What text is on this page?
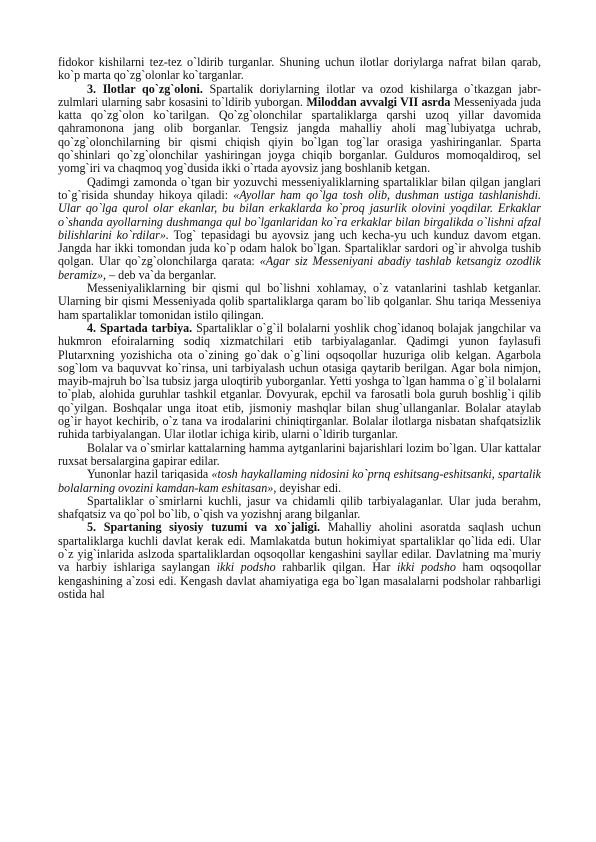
fidokor kishilarni tez-tez o`ldirib turganlar. Shuning uchun ilotlar doriylarga nafrat bilan qarab, ko`p marta qo`zg`olonlar ko`targanlar.

3. Ilotlar qo`zg`oloni. Spartalik doriylarning ilotlar va ozod kishilarga o`tkazgan jabr-zulmlari ularning sabr kosasini to`ldirib yuborgan. Miloddan avvalgi VII asrda Messeniyada juda katta qo`zg`olon ko`tarilgan. Qo`zg`olonchilar spartaliklarga qarshi uzoq yillar davomida qahramonona jang olib borganlar. Tengsiz jangda mahalliy aholi mag`lubiyatga uchrab, qo`zg`olonchilarning bir qismi chiqish qiyin bo`lgan tog`lar orasiga yashiringanlar. Sparta qo`shinlari qo`zg`olonchilar yashiringan joyga chiqib borganlar. Gulduros momoqaldiroq, sel yomg`iri va chaqmoq yog`dusida ikki o`rtada ayovsiz jang boshlanib ketgan.

Qadimgi zamonda o`tgan bir yozuvchi messeniyaliklarning spartaliklar bilan qilgan janglari to`g`risida shunday hikoya qiladi: «Ayollar ham qo`lga tosh olib, dushman ustiga tashlanishdi. Ular qo`lga qurol olar ekanlar, bu bilan erkaklarda ko`proq jasurlik olovini yoqdilar. Erkaklar o`shanda ayollarning dushmanga qul bo`lganlaridan ko`ra erkaklar bilan birgalikda o`lishni afzal bilishlarini ko`rdilar». Tog` tepasidagi bu ayovsiz jang uch kecha-yu uch kunduz davom etgan. Jangda har ikki tomondan juda ko`p odam halok bo`lgan. Spartaliklar sardori og`ir ahvolga tushib qolgan. Ular qo`zg`olonchilarga qarata: «Agar siz Messeniyani abadiy tashlab ketsangiz ozodlik beramiz», – deb va`da berganlar.

Messeniyaliklarning bir qismi qul bo`lishni xohlamay, o`z vatanlarini tashlab ketganlar. Ularning bir qismi Messeniyada qolib spartaliklarga qaram bo`lib qolganlar. Shu tariqa Messeniya ham spartaliklar tomonidan istilo qilingan.

4. Spartada tarbiya. Spartaliklar o`g`il bolalarni yoshlik chog`idanoq bolajak jangchilar va hukmron efoiralarning sodiq xizmatchilari etib tarbiyalaganlar. Qadimgi yunon faylasufi Plutarxning yozishicha ota o`zining go`dak o`g`lini oqsoqollar huzuriga olib kelgan. Agarbola sog`lom va baquvvat ko`rinsa, uni tarbiyalash uchun otasiga qaytarib berilgan. Agar bola nimjon, mayib-majruh bo`lsa tubsiz jarga uloqtirib yuborganlar. Yetti yoshga to`lgan hamma o`g`il bolalarni to`plab, alohida guruhlar tashkil etganlar. Dovyurak, epchil va farosatli bola guruh boshlig`i qilib qo`yilgan. Boshqalar unga itoat etib, jismoniy mashqlar bilan shug`ullanganlar. Bolalar ataylab og`ir hayot kechirib, o`z tana va irodalarini chiniqtirganlar. Bolalar ilotlarga nisbatan shafqatsizlik ruhida tarbiyalangan. Ular ilotlar ichiga kirib, ularni o`ldirib turganlar.

Bolalar va o`smirlar kattalarning hamma aytganlarini bajarishlari lozim bo`lgan. Ular kattalar ruxsat bersalargina gapirar edilar.

Yunonlar hazil tariqasida «tosh haykallaming nidosini ko`prnq eshitsang-eshitsanki, spartalik bolalarning ovozini kamdan-kam eshitasan», deyishar edi.

Spartaliklar o`smirlarni kuchli, jasur va chidamli qilib tarbiyalaganlar. Ular juda berahm, shafqatsiz va qo`pol bo`lib, o`qish va yozishnj arang bilganlar.

5. Spartaning siyosiy tuzumi va xo`jaligi. Mahalliy aholini asoratda saqlash uchun spartaliklarga kuchli davlat kerak edi. Mamlakatda butun hokimiyat spartaliklar qo`lida edi. Ular o`z yig`inlarida aslzoda spartaliklardan oqsoqollar kengashini sayllar edilar. Davlatning ma`muriy va harbiy ishlariga saylangan ikki podsho rahbarlik qilgan. Har ikki podsho ham oqsoqollar kengashining a`zosi edi. Kengash davlat ahamiyatiga ega bo`lgan masalalarni podsholar rahbarligi ostida hal
